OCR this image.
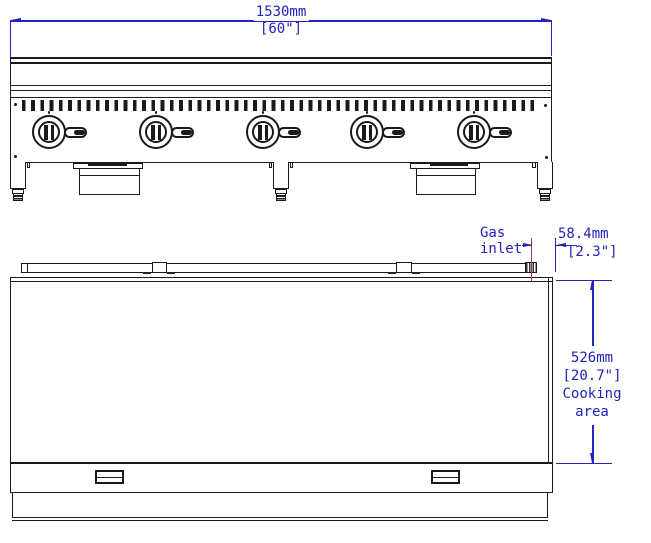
1530mm
[60"]
Gas
inlet
58.4mm
[2.3"]
526mm
[20.7"]
Cooking
area
